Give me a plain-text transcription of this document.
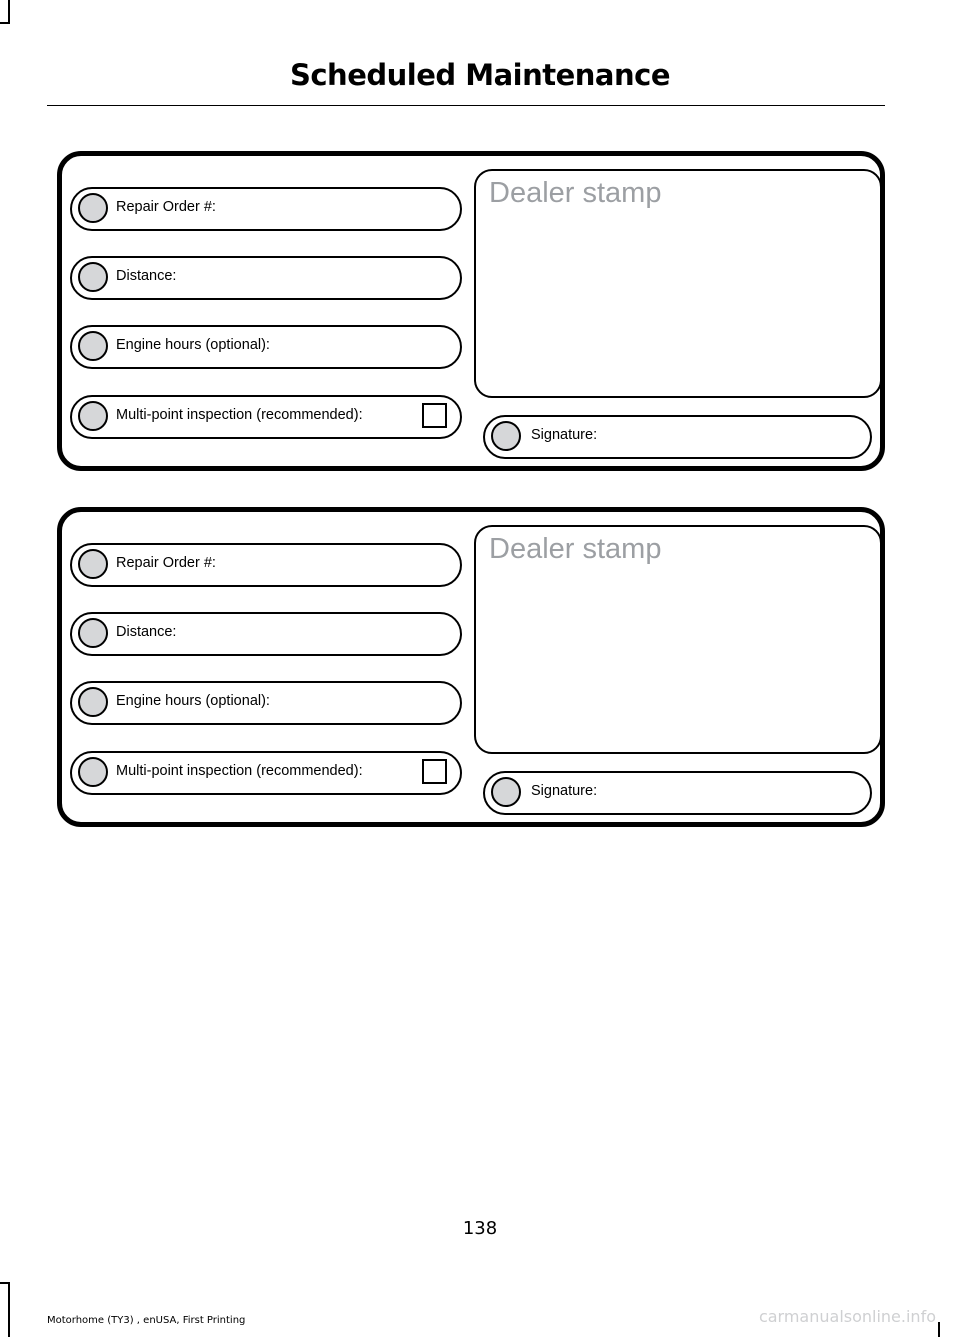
Scheduled Maintenance
Repair Order #:
Distance:
Engine hours (optional):
Multi-point inspection (recommended):
Dealer stamp
Signature:
Repair Order #:
Distance:
Engine hours (optional):
Multi-point inspection (recommended):
Dealer stamp
Signature:
138
Motorhome (TY3) , enUSA, First Printing	carmanualsonline.info
